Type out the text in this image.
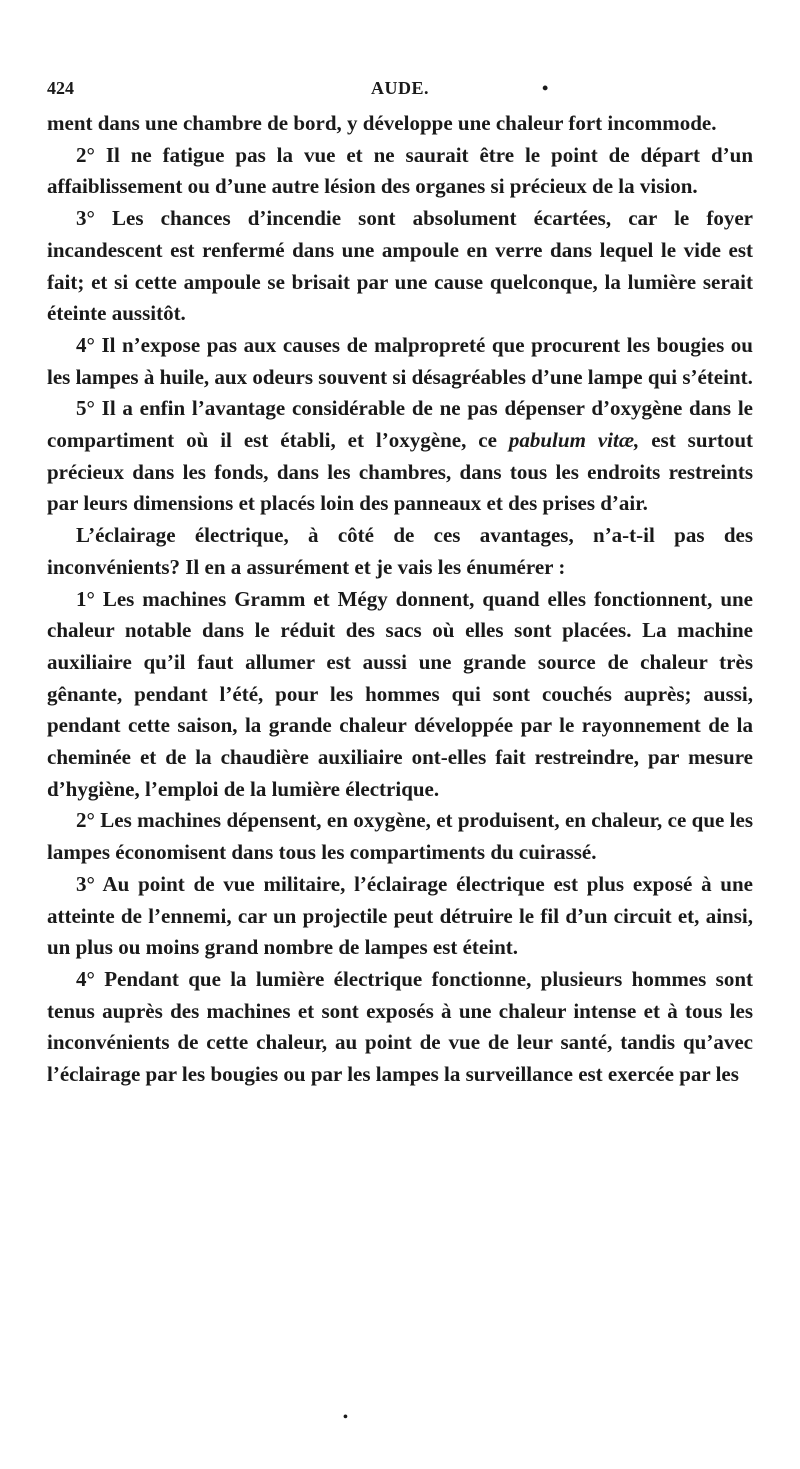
424	AUDE.	•

ment dans une chambre de bord, y développe une chaleur fort incommode.

2° Il ne fatigue pas la vue et ne saurait être le point de départ d’un affaiblissement ou d’une autre lésion des organes si précieux de la vision.

3° Les chances d’incendie sont absolument écartées, car le foyer incandescent est renfermé dans une ampoule en verre dans lequel le vide est fait; et si cette ampoule se brisait par une cause quelconque, la lumière serait éteinte aussitôt.

4° Il n’expose pas aux causes de malpropreté que procurent les bougies ou les lampes à huile, aux odeurs souvent si désagréables d’une lampe qui s’éteint.

5° Il a enfin l’avantage considérable de ne pas dépenser d’oxygène dans le compartiment où il est établi, et l’oxygène, ce pabulum vitæ, est surtout précieux dans les fonds, dans les chambres, dans tous les endroits restreints par leurs dimensions et placés loin des panneaux et des prises d’air.

L’éclairage électrique, à côté de ces avantages, n’a-t-il pas des inconvénients? Il en a assurément et je vais les énumérer :

1° Les machines Gramm et Mégy donnent, quand elles fonctionnent, une chaleur notable dans le réduit des sacs où elles sont placées. La machine auxiliaire qu’il faut allumer est aussi une grande source de chaleur très gênante, pendant l’été, pour les hommes qui sont couchés auprès; aussi, pendant cette saison, la grande chaleur développée par le rayonnement de la cheminée et de la chaudière auxiliaire ont-elles fait restreindre, par mesure d’hygiène, l’emploi de la lumière électrique.

2° Les machines dépensent, en oxygène, et produisent, en chaleur, ce que les lampes économisent dans tous les compartiments du cuirassé.

3° Au point de vue militaire, l’éclairage électrique est plus exposé à une atteinte de l’ennemi, car un projectile peut détruire le fil d’un circuit et, ainsi, un plus ou moins grand nombre de lampes est éteint.

4° Pendant que la lumière électrique fonctionne, plusieurs hommes sont tenus auprès des machines et sont exposés à une chaleur intense et à tous les inconvénients de cette chaleur, au point de vue de leur santé, tandis qu’avec l’éclairage par les bougies ou par les lampes la surveillance est exercée par les

•
